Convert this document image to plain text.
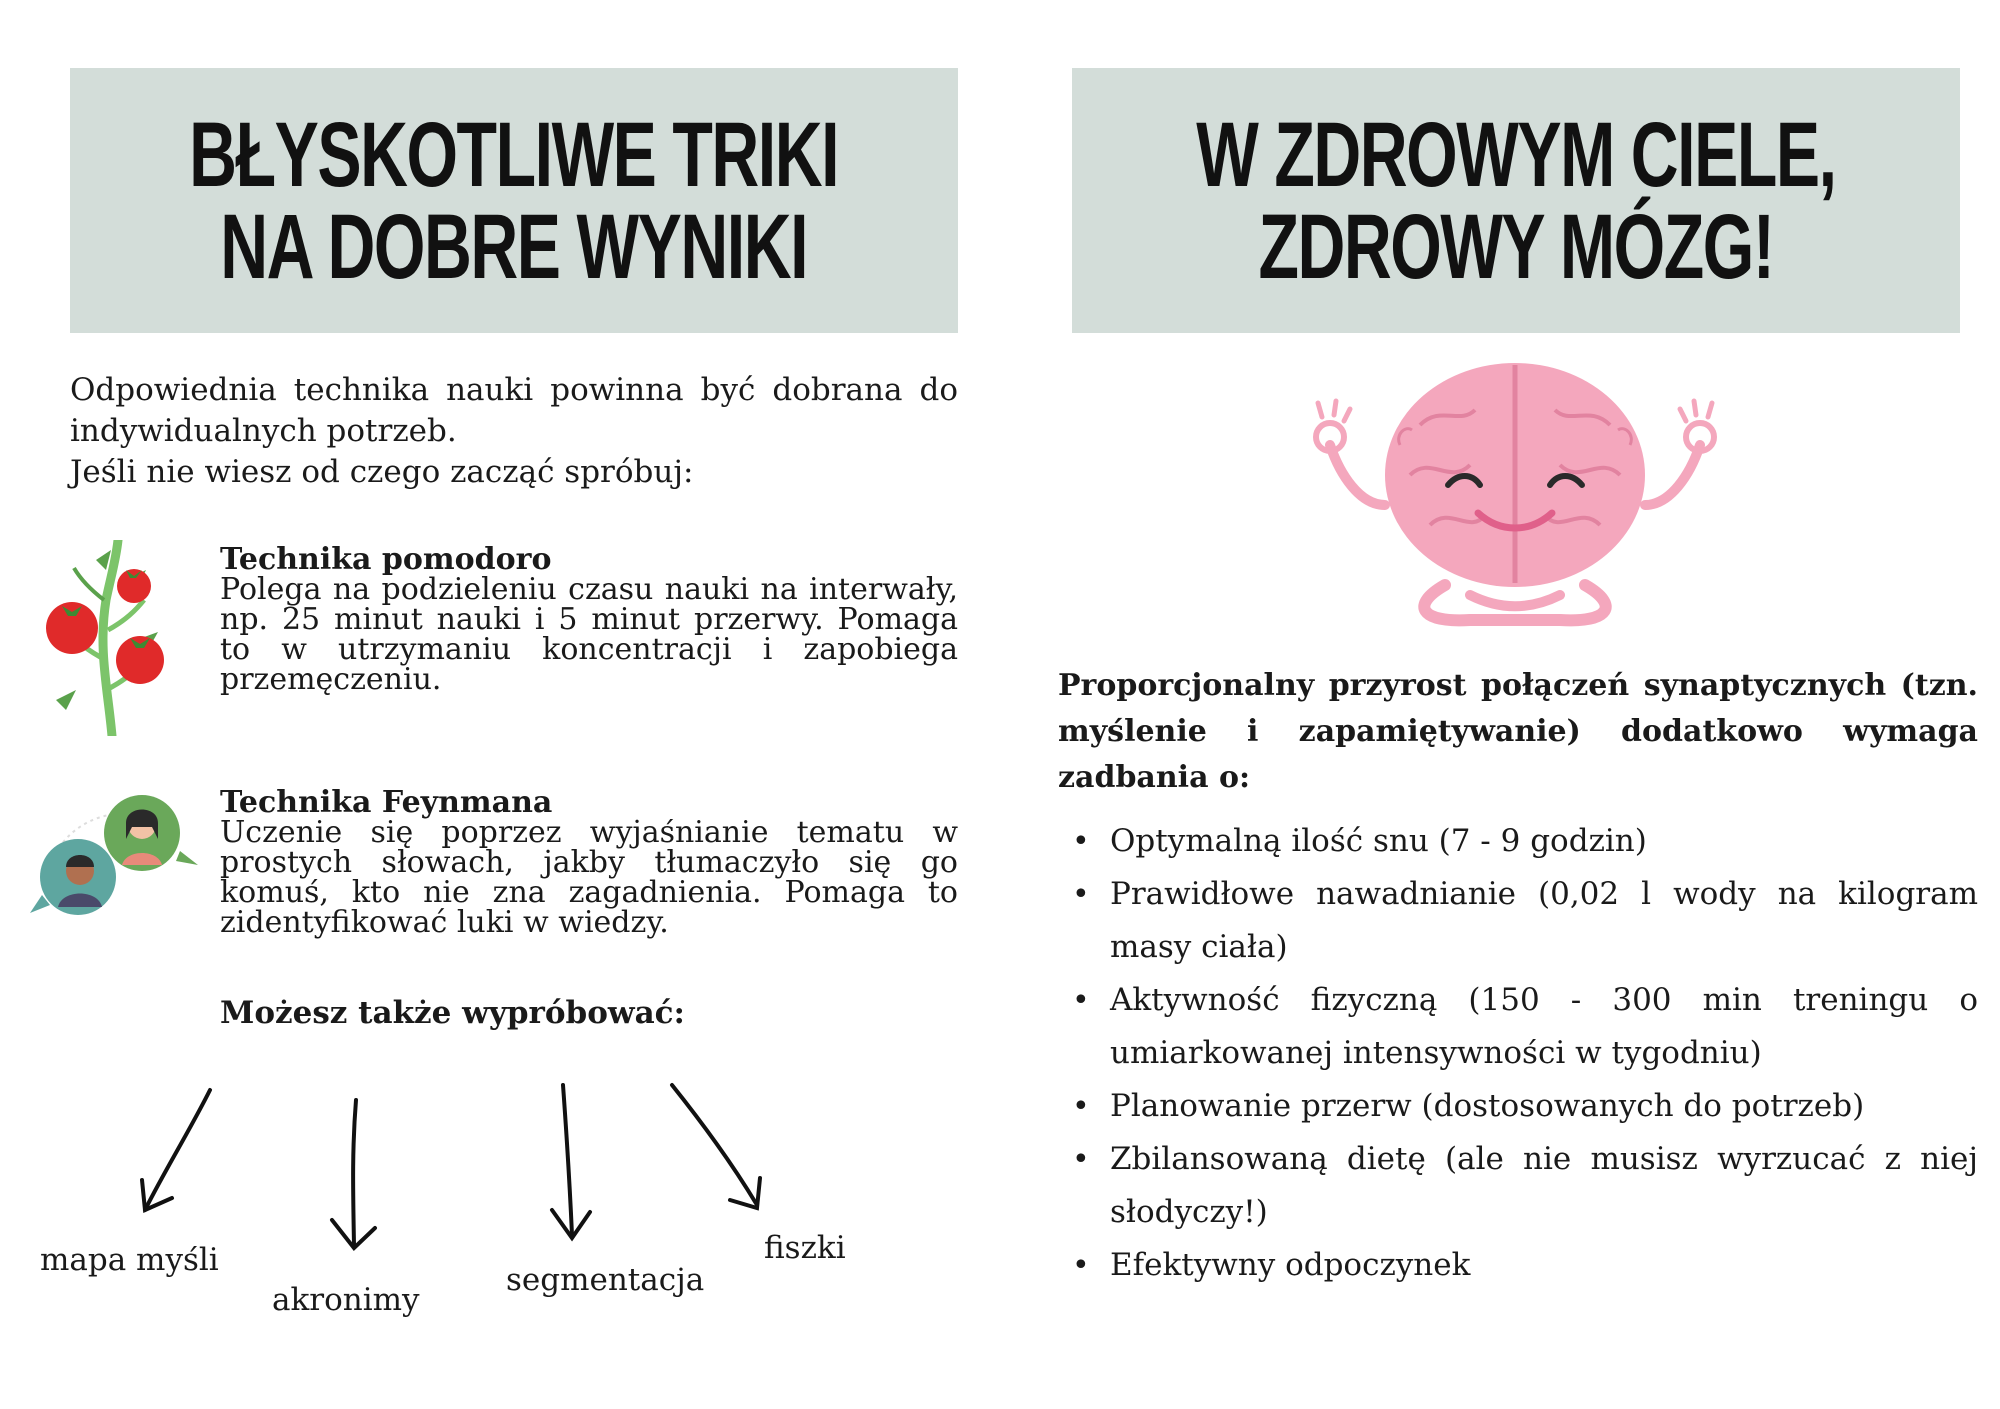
BŁYSKOTLIWE TRIKI
NA DOBRE WYNIKI
W ZDROWYM CIELE,
ZDROWY MÓZG!

Odpowiednia technika nauki powinna być dobrana do indywidualnych potrzeb.

Jeśli nie wiesz od czego zacząć spróbuj:

Technika pomodoro
Polega na podzieleniu czasu nauki na interwały, np. 25 minut nauki i 5 minut przerwy. Pomaga to w utrzymaniu koncentracji i zapobiega przemęczeniu.
Technika Feynmana
Uczenie się poprzez wyjaśnianie tematu w prostych słowach, jakby tłumaczyło się go komuś, kto nie zna zagadnienia. Pomaga to zidentyfikować luki w wiedzy.
Możesz także wypróbować:
mapa myśli
akronimy
segmentacja
fiszki
Proporcjonalny przyrost połączeń synaptycznych (tzn. myślenie i zapamiętywanie) dodatkowo wymaga zadbania o:
• Optymalną ilość snu (7 - 9 godzin)
• Prawidłowe nawadnianie (0,02 l wody na kilogram masy ciała)
• Aktywność fizyczną (150 - 300 min treningu o umiarkowanej intensywności w tygodniu)
• Planowanie przerw (dostosowanych do potrzeb)
• Zbilansowaną dietę (ale nie musisz wyrzucać z niej słodyczy!)
• Efektywny odpoczynek
